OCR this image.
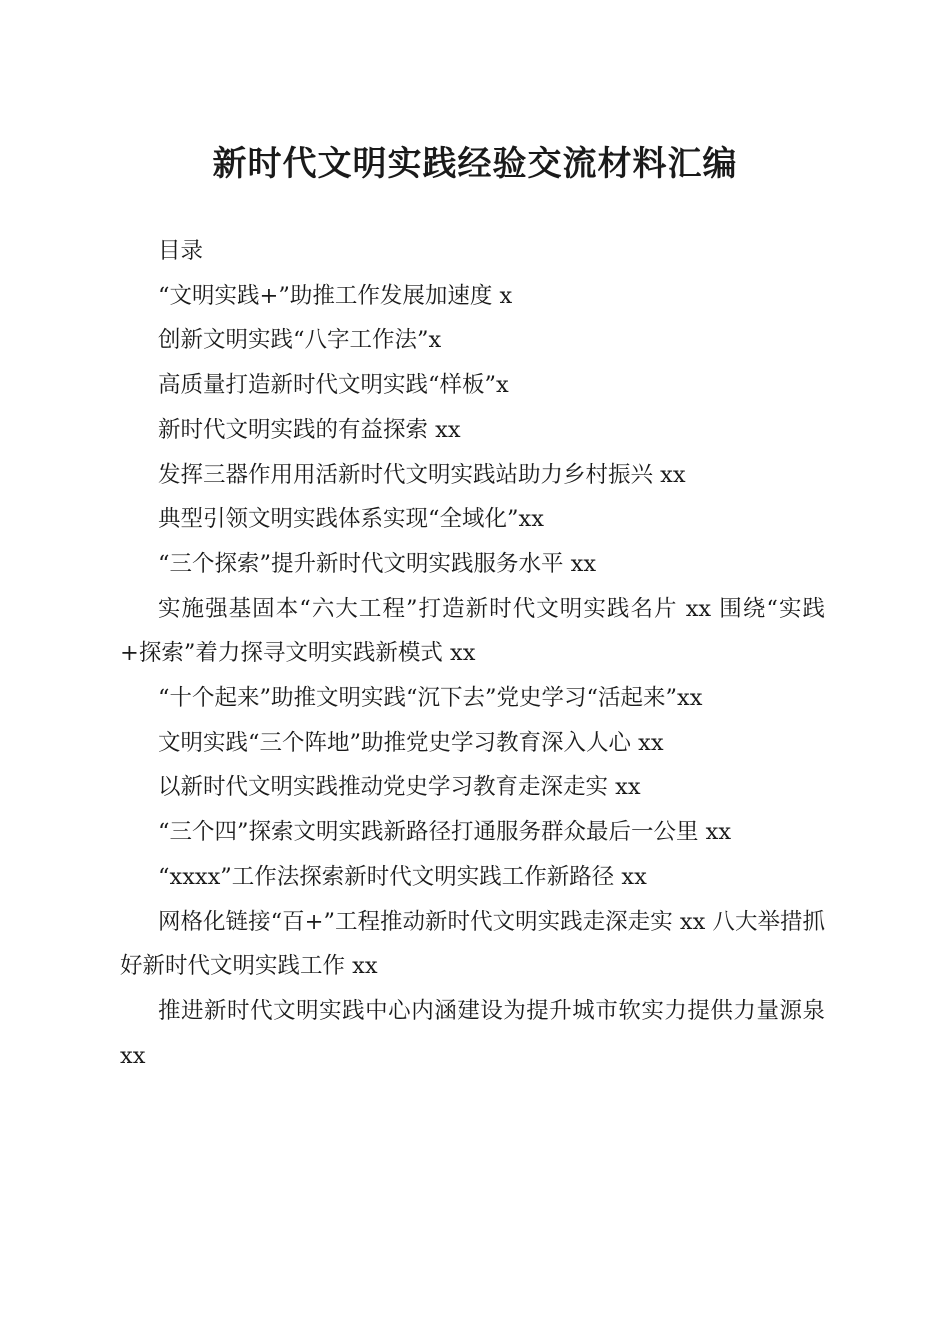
新时代文明实践经验交流材料汇编

目录

“文明实践+”助推工作发展加速度 x

创新文明实践“八字工作法”x

高质量打造新时代文明实践“样板”x

新时代文明实践的有益探索 xx

发挥三器作用用活新时代文明实践站助力乡村振兴 xx

典型引领文明实践体系实现“全域化”xx

“三个探索”提升新时代文明实践服务水平 xx

实施强基固本“六大工程”打造新时代文明实践名片 xx 围绕“实践+探索”着力探寻文明实践新模式 xx

“十个起来”助推文明实践“沉下去”党史学习“活起来”xx

文明实践“三个阵地”助推党史学习教育深入人心 xx

以新时代文明实践推动党史学习教育走深走实 xx

“三个四”探索文明实践新路径打通服务群众最后一公里 xx

“xxxx”工作法探索新时代文明实践工作新路径 xx

网格化链接“百+”工程推动新时代文明实践走深走实 xx 八大举措抓好新时代文明实践工作 xx

推进新时代文明实践中心内涵建设为提升城市软实力提供力量源泉 xx
